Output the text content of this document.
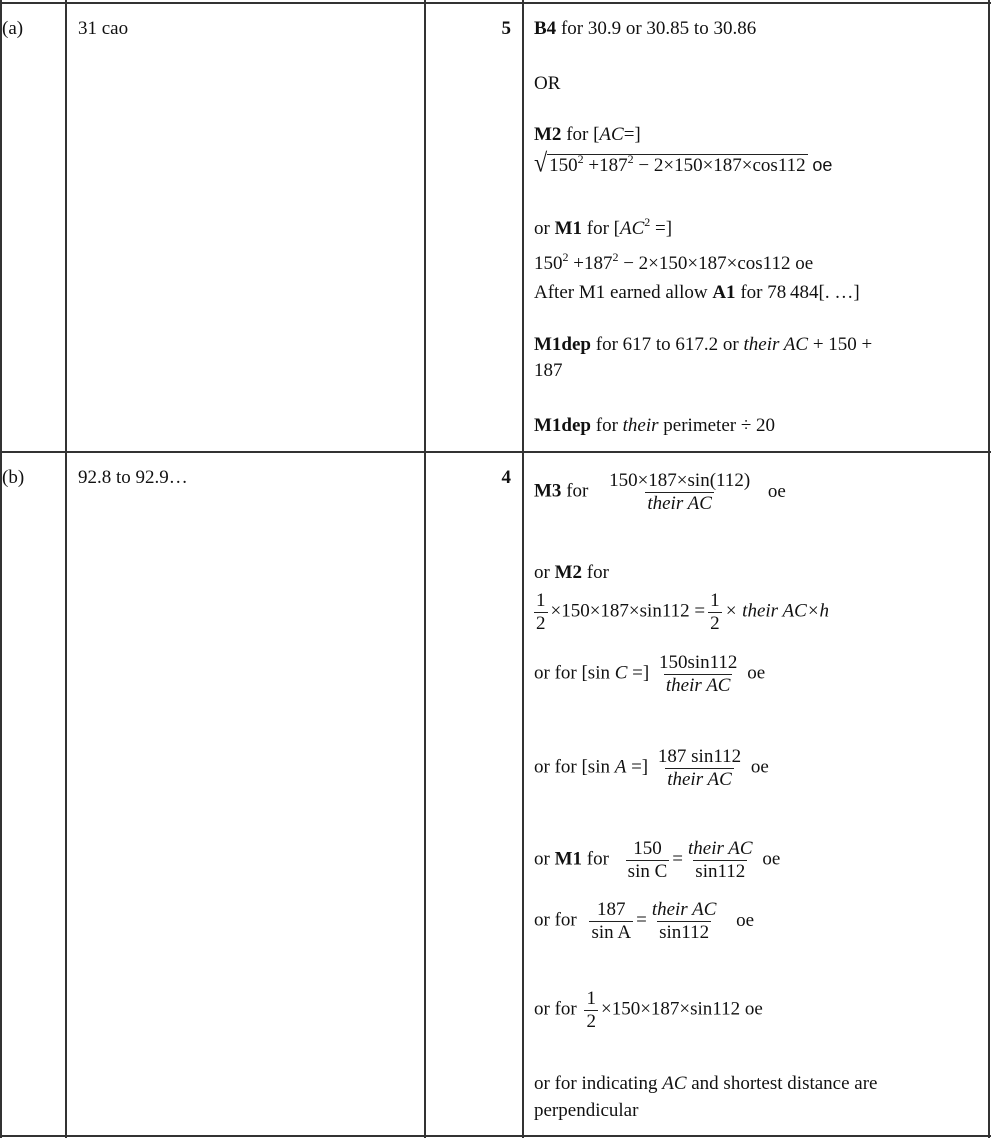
(a)	31 cao	5 B4 for 30.9 or 30.85 to 30.86
OR
M2 for [AC=]
√ $150^2 +187^2 - 2\times 150\times 187\times\cos 112$ oe
or M1 for [$AC^2$ =]
$150^2 +187^2 - 2\times 150\times 187\times\cos 112$ oe
After M1 earned allow A1 for 78 484[. …]
M1dep for 617 to 617.2 or their AC + 150 +
187
M1dep for their perimeter ÷ 20
(b)	92.8 to 92.9…	4
M3 for $\frac{150\times 187\times\sin(112)}{\text{their AC}}$ oe
or M2 for
$\frac{1}{2} \times 150\times 187\times\sin 112 = \frac{1}{2}$ × their AC×h
or for [sin C =] $\frac{150\sin 112}{\text{their AC}}$ oe
or for [sin A =] $\frac{187 \sin 112}{\text{their AC}}$ oe
or M1 for $\frac{150}{\text{sin C}} = \frac{\text{their AC}}{\sin 112}$ oe
or for $\frac{187}{\text{sin A}} = \frac{\text{their AC}}{\sin 112}$ oe
or for $\frac{1}{2} \times 150\times 187\times\sin 112$ oe
or for indicating AC and shortest distance are
perpendicular
